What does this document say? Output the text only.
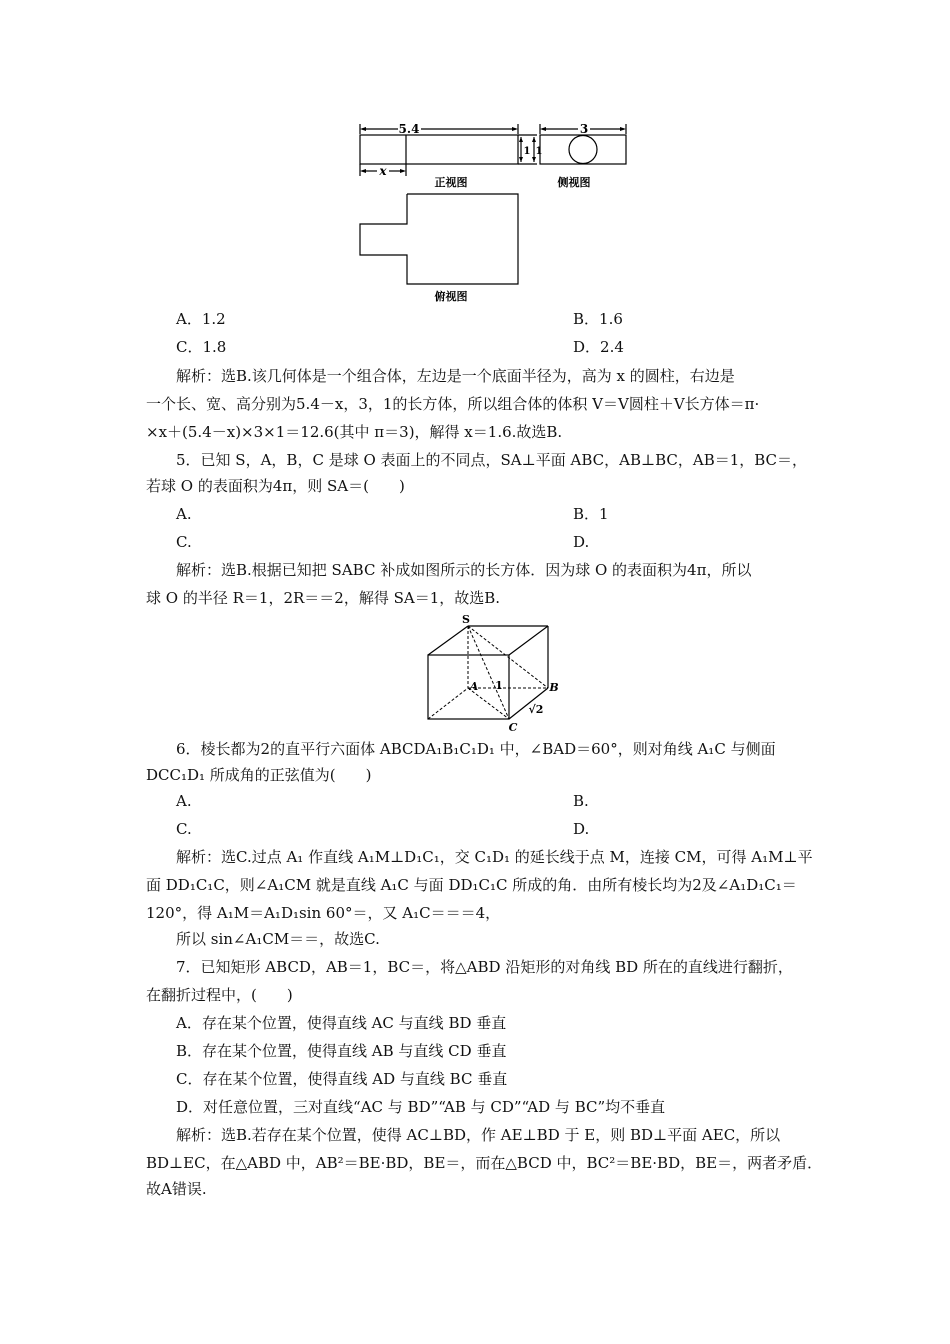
5.4
x
1 1
3
正视图	侧视图
俯视图
A．1.2	B．1.6
C．1.8	D．2.4
解析：选B.该几何体是一个组合体，左边是一个底面半径为，高为 x 的圆柱，右边是
一个长、宽、高分别为5.4－x，3，1的长方体，所以组合体的体积 V＝V圆柱＋V长方体＝π·
×x＋(5.4－x)×3×1＝12.6(其中 π＝3)，解得 x＝1.6.故选B.
5．已知 S，A，B，C 是球 O 表面上的不同点，SA⊥平面 ABC，AB⊥BC，AB＝1，BC＝，
若球 O 的表面积为4π，则 SA＝(　　)
A.	B．1
C.	D.
解析：选B.根据已知把 SABC 补成如图所示的长方体．因为球 O 的表面积为4π，所以
球 O 的半径 R＝1，2R＝＝2，解得 SA＝1，故选B.
S
A	B
C
1
√2
6．棱长都为2的直平行六面体 ABCDA₁B₁C₁D₁ 中，∠BAD＝60°，则对角线 A₁C 与侧面
DCC₁D₁ 所成角的正弦值为(　　)
A.	B.
C.	D.
解析：选C.过点 A₁ 作直线 A₁M⊥D₁C₁，交 C₁D₁ 的延长线于点 M，连接 CM，可得 A₁M⊥平
面 DD₁C₁C，则∠A₁CM 就是直线 A₁C 与面 DD₁C₁C 所成的角．由所有棱长均为2及∠A₁D₁C₁＝
120°，得 A₁M＝A₁D₁sin 60°＝，又 A₁C＝＝＝4，
所以 sin∠A₁CM＝＝，故选C.
7．已知矩形 ABCD，AB＝1，BC＝，将△ABD 沿矩形的对角线 BD 所在的直线进行翻折，
在翻折过程中，(　　)
A．存在某个位置，使得直线 AC 与直线 BD 垂直
B．存在某个位置，使得直线 AB 与直线 CD 垂直
C．存在某个位置，使得直线 AD 与直线 BC 垂直
D．对任意位置，三对直线“AC 与 BD”“AB 与 CD”“AD 与 BC”均不垂直
解析：选B.若存在某个位置，使得 AC⊥BD，作 AE⊥BD 于 E，则 BD⊥平面 AEC，所以
BD⊥EC，在△ABD 中，AB²＝BE·BD，BE＝，而在△BCD 中，BC²＝BE·BD，BE＝，两者矛盾．
故A错误.
